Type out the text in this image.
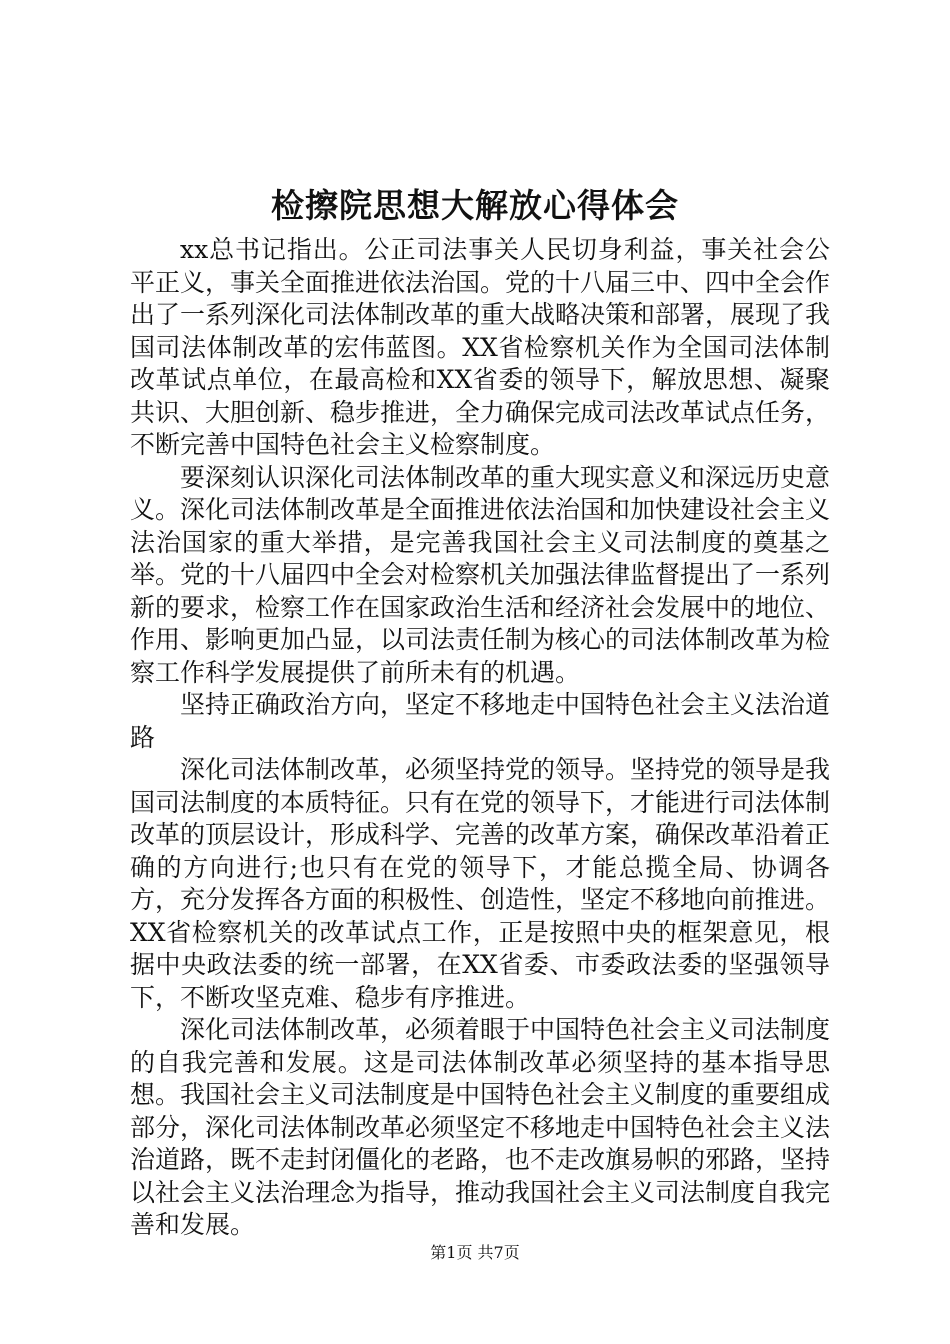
检擦院思想大解放心得体会

xx总书记指出。公正司法事关人民切身利益，事关社会公平正义，事关全面推进依法治国。党的十八届三中、四中全会作出了一系列深化司法体制改革的重大战略决策和部署，展现了我国司法体制改革的宏伟蓝图。XX省检察机关作为全国司法体制改革试点单位，在最高检和XX省委的领导下，解放思想、凝聚共识、大胆创新、稳步推进，全力确保完成司法改革试点任务，不断完善中国特色社会主义检察制度。

要深刻认识深化司法体制改革的重大现实意义和深远历史意义。深化司法体制改革是全面推进依法治国和加快建设社会主义法治国家的重大举措，是完善我国社会主义司法制度的奠基之举。党的十八届四中全会对检察机关加强法律监督提出了一系列新的要求，检察工作在国家政治生活和经济社会发展中的地位、作用、影响更加凸显，以司法责任制为核心的司法体制改革为检察工作科学发展提供了前所未有的机遇。

坚持正确政治方向，坚定不移地走中国特色社会主义法治道路

深化司法体制改革，必须坚持党的领导。坚持党的领导是我国司法制度的本质特征。只有在党的领导下，才能进行司法体制改革的顶层设计，形成科学、完善的改革方案，确保改革沿着正确的方向进行;也只有在党的领导下，才能总揽全局、协调各方，充分发挥各方面的积极性、创造性，坚定不移地向前推进。XX省检察机关的改革试点工作，正是按照中央的框架意见，根据中央政法委的统一部署，在XX省委、市委政法委的坚强领导下，不断攻坚克难、稳步有序推进。

深化司法体制改革，必须着眼于中国特色社会主义司法制度的自我完善和发展。这是司法体制改革必须坚持的基本指导思想。我国社会主义司法制度是中国特色社会主义制度的重要组成部分，深化司法体制改革必须坚定不移地走中国特色社会主义法治道路，既不走封闭僵化的老路，也不走改旗易帜的邪路，坚持以社会主义法治理念为指导，推动我国社会主义司法制度自我完善和发展。

第1页 共7页
